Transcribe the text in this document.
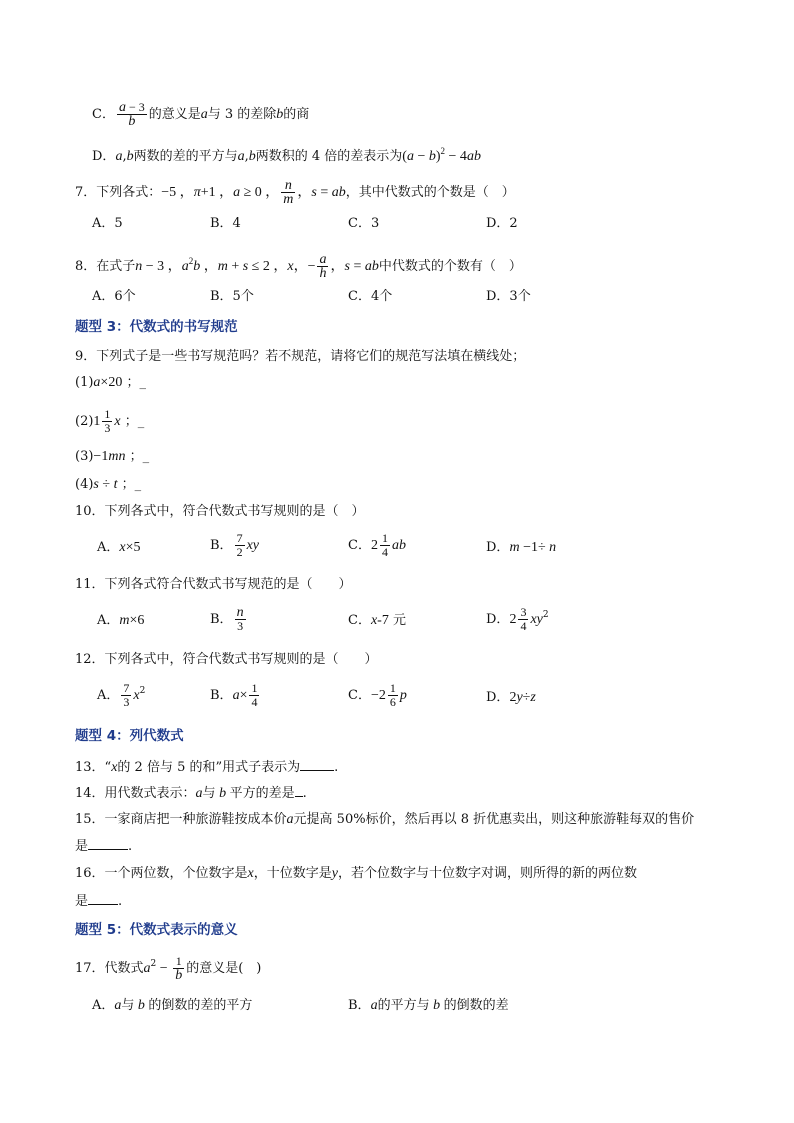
C． $\frac{a - 3}{b}$ 的意义是a与 3 的差除b的商
D．a,b两数的差的平方与a,b两数积的 4 倍的差表示为$(a - b)^2 - 4ab$
7．下列各式：−5 ，π+1 ，a ≥ 0 ， $\frac{n}{m}$ ，s = ab，其中代数式的个数是（　）
A．5	B．4	C．3	D．2
8．在式子n − 3 ，$a^2b$ ，m + s ≤ 2 ，x，− $\frac{a}{h}$ ，s = ab中代数式的个数有（　）
A．6个	B．5个	C．4个	D．3个
题型 3：代数式的书写规范
9．下列式子是一些书写规范吗？若不规范，请将它们的规范写法填在横线处；
(1)a×20 ；_
$(2)1 \frac{1}{3}$ x ；_
(3)−1mn ；_
(4)s ÷ t ；_
10．下列各式中，符合代数式书写规则的是（　）
A．x×5	B． $\frac{7}{2}$ xy	C．$2 \frac{1}{4}$ ab	D．m −1÷ n
11．下列各式符合代数式书写规范的是（　　）
A．m×6	B． $\frac{n}{3}$	C．x-7 元	D．$2 \frac{3}{4} xy^2$
12．下列各式中，符合代数式书写规则的是（　　）
A． $\frac{7}{3} x^2$	B．$a\times \frac{1}{4}$	C．$-2 \frac{1}{6}$ p	D．2y÷z
题型 4：列代数式
13．“x的 2 倍与 5 的和”用式子表示为	.
14．用代数式表示：a与 b 平方的差是 .
15．一家商店把一种旅游鞋按成本价a元提高 50%标价，然后再以 8 折优惠卖出，则这种旅游鞋每双的售价
是	.
16．一个两位数，个位数字是x，十位数字是y，若个位数字与十位数字对调，则所得的新的两位数
是 .
题型 5：代数式表示的意义
17．代数式$a^2 - \frac{1}{b}$ 的意义是(　)
A．a与 b 的倒数的差的平方	B．a的平方与 b 的倒数的差
